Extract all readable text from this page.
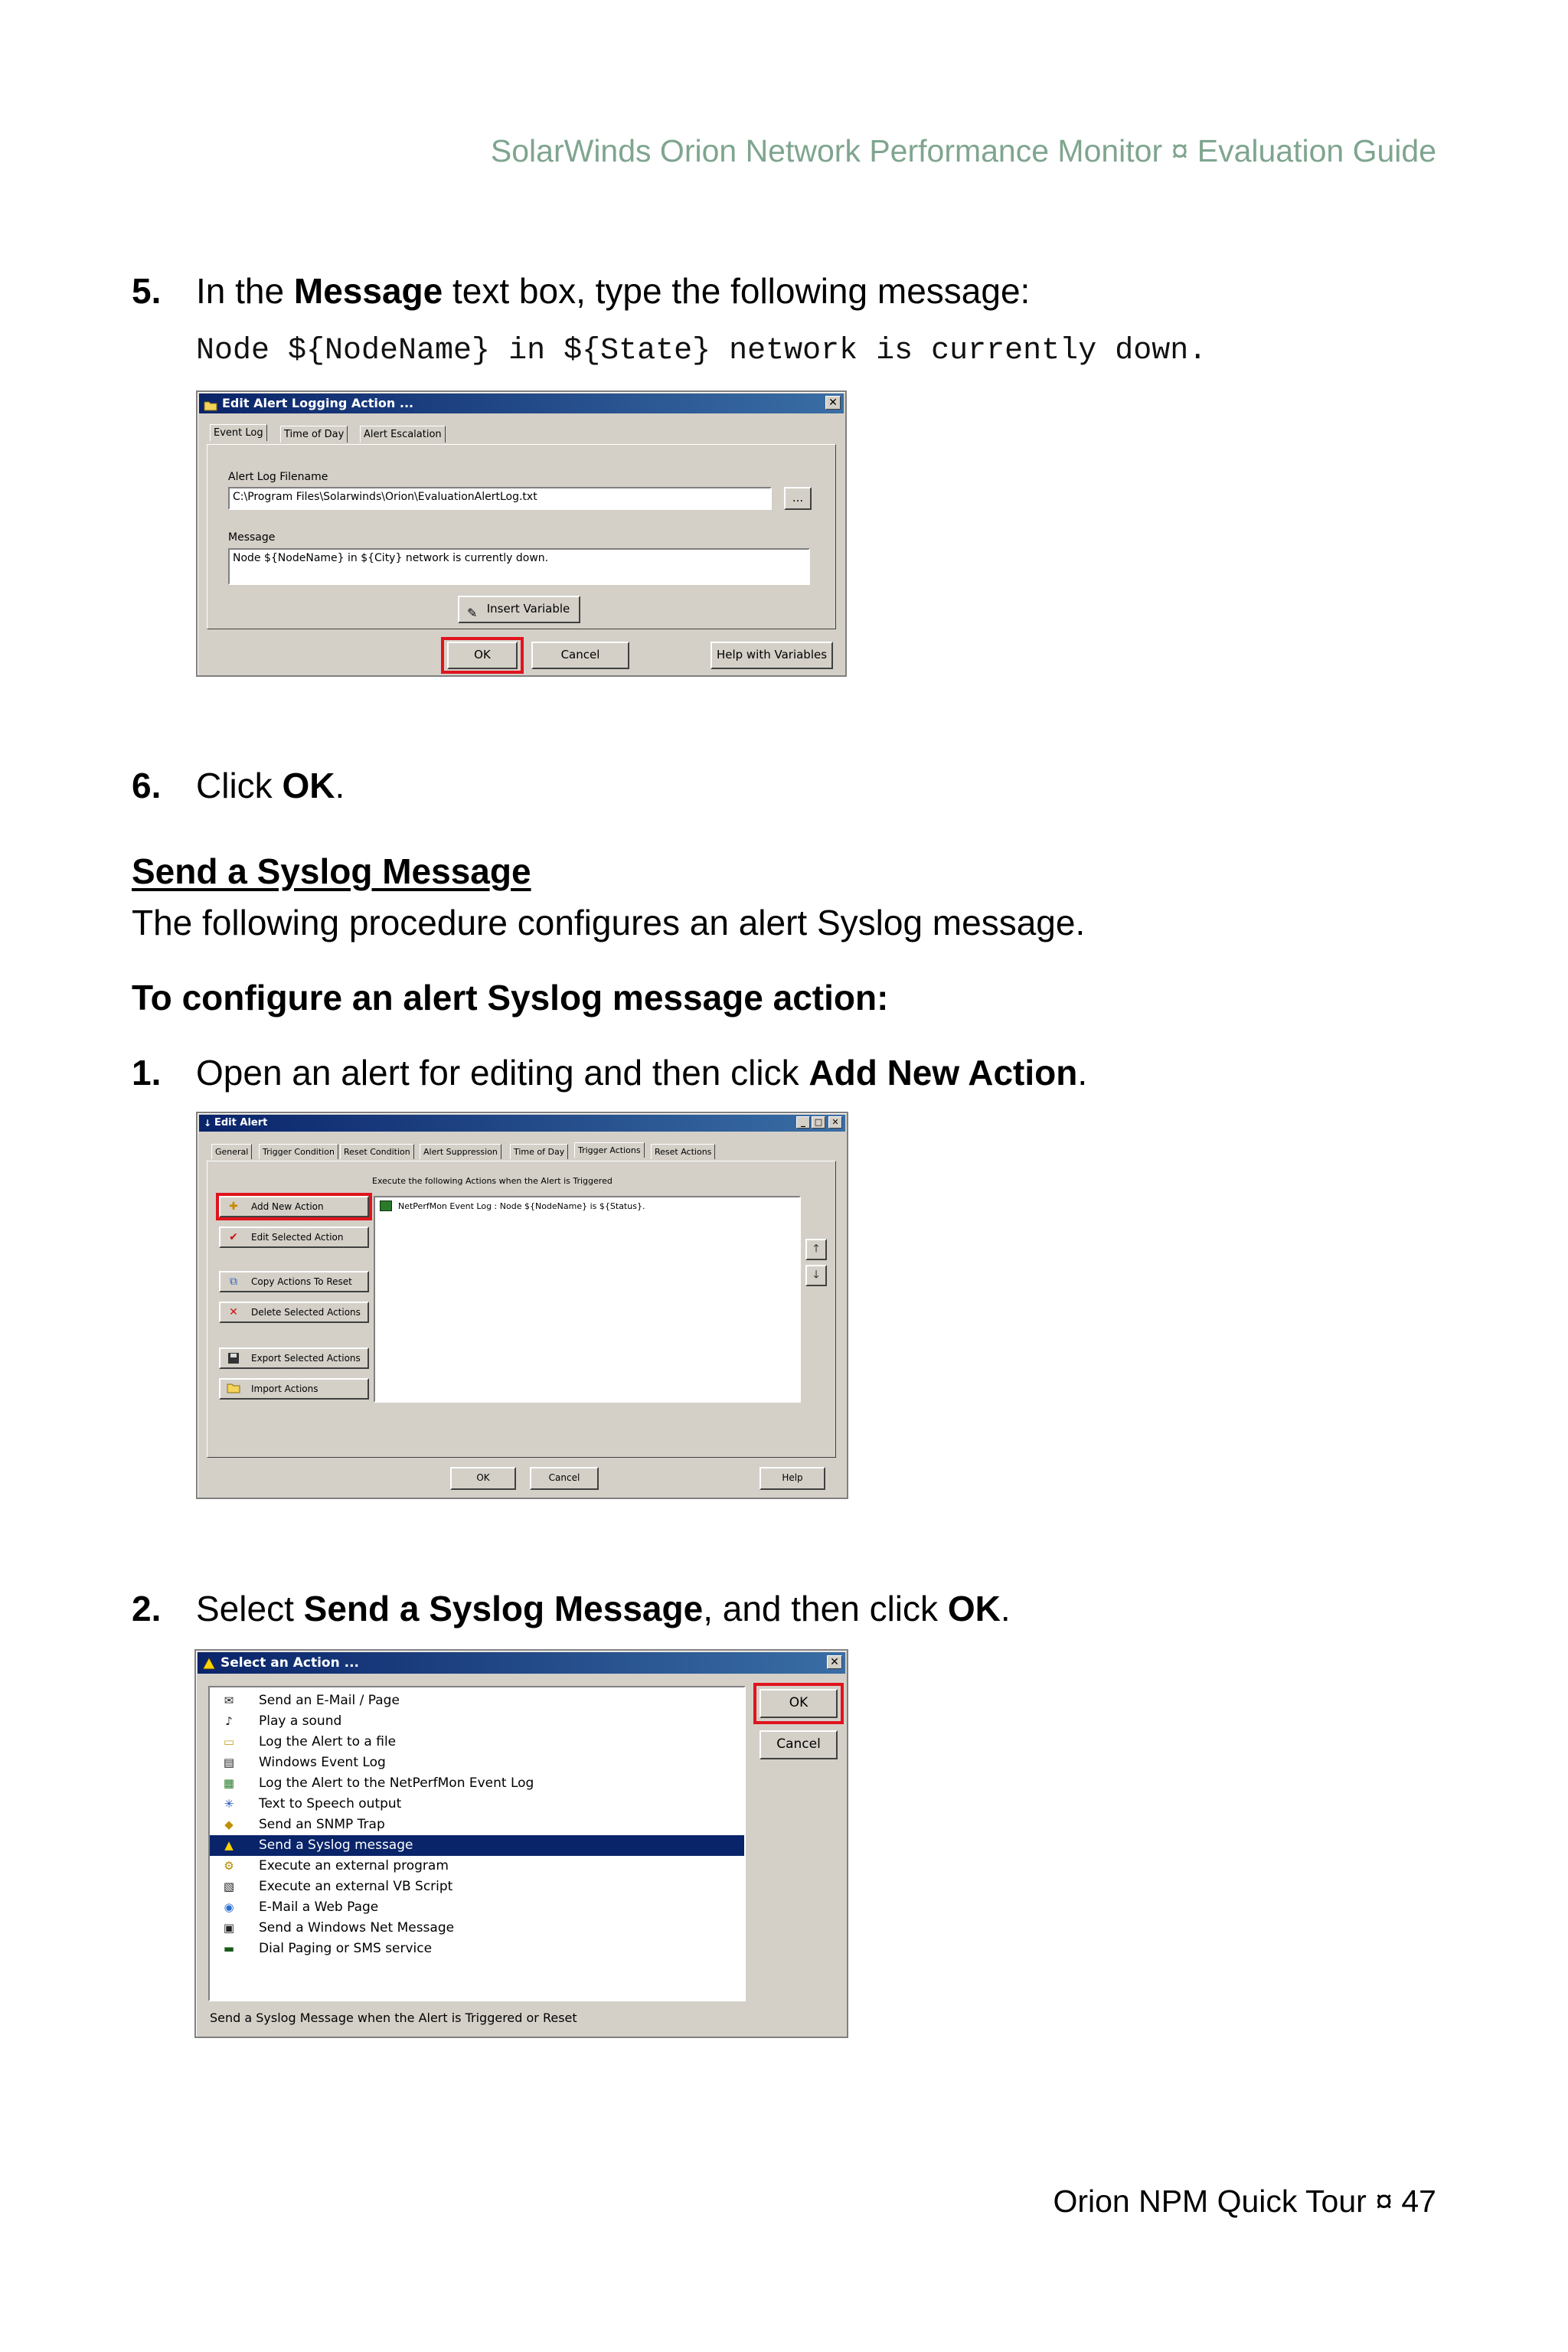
SolarWinds Orion Network Performance Monitor ¤ Evaluation Guide
5. In the Message text box, type the following message:
Node ${NodeName} in ${State} network is currently down.
Edit Alert Logging Action ...	✕
Event Log	Time of Day	Alert Escalation
Alert Log Filename
C:\Program Files\Solarwinds\Orion\EvaluationAlertLog.txt	...
Message
Node ${NodeName} in ${City} network is currently down.
✎ Insert Variable
OK	Cancel	Help with Variables
6. Click OK.
Send a Syslog Message
The following procedure configures an alert Syslog message.
To configure an alert Syslog message action:
1. Open an alert for editing and then click Add New Action.
↓ Edit Alert	_	□	✕
General	Trigger Condition	Reset Condition	Alert Suppression	Time of Day	Trigger Actions	Reset Actions
Execute the following Actions when the Alert is Triggered
✚ Add New Action
✔ Edit Selected Action
⧉	Copy Actions To Reset
✕ Delete Selected Actions
Export Selected Actions
Import Actions
NetPerfMon Event Log : Node ${NodeName} is ${Status}.
🡑
🡓
OK	Cancel	Help
2. Select Send a Syslog Message, and then click OK.
Select an Action ...	✕
✉ Send an E-Mail / Page
♪	Play a sound
▭ Log the Alert to a file
▤ Windows Event Log
▦ Log the Alert to the NetPerfMon Event Log
✳ Text to Speech output
◆	Send an SNMP Trap
▲	Send a Syslog message
⚙ Execute an external program
▧ Execute an external VB Script
◉ E-Mail a Web Page
▣ Send a Windows Net Message
▬ Dial Paging or SMS service
OK
Cancel
Send a Syslog Message when the Alert is Triggered or Reset
Orion NPM Quick Tour ¤ 47
